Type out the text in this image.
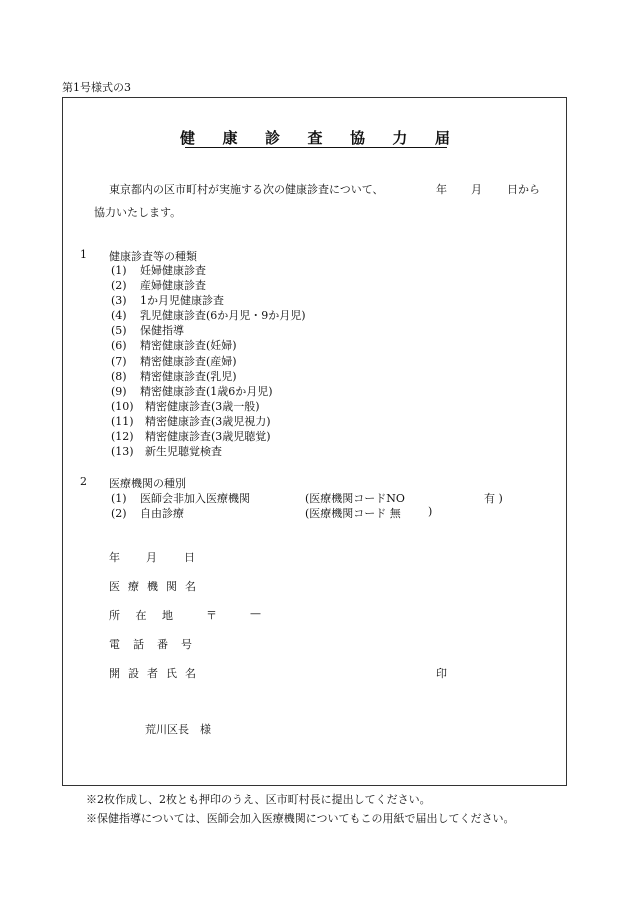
第1号様式の3
健 康 診 査 協 力 届
東京都内の区市町村が実施する次の健康診査について、	年 月 日から
協力いたします。
1 健康診査等の種類
(1) 妊婦健康診査
(2) 産婦健康診査
(3) 1か月児健康診査
(4) 乳児健康診査(6か月児・9か月児)
(5) 保健指導
(6) 精密健康診査(妊婦)
(7) 精密健康診査(産婦)
(8) 精密健康診査(乳児)
(9) 精密健康診査(1歳6か月児)
(10) 精密健康診査(3歳一般)
(11) 精密健康診査(3歳児視力)
(12) 精密健康診査(3歳児聴覚)
(13) 新生児聴覚検査
2 医療機関の種別
(1) 医師会非加入医療機関	(医療機関コードNO	有 )
(2) 自由診療	(医療機関コード 無 )
年 月 日
医療機関名
所 在 地	〒	—
電話番号
開設者氏名	印
荒川区長　様
※2枚作成し、2枚とも押印のうえ、区市町村長に提出してください。
※保健指導については、医師会加入医療機関についてもこの用紙で届出してください。
